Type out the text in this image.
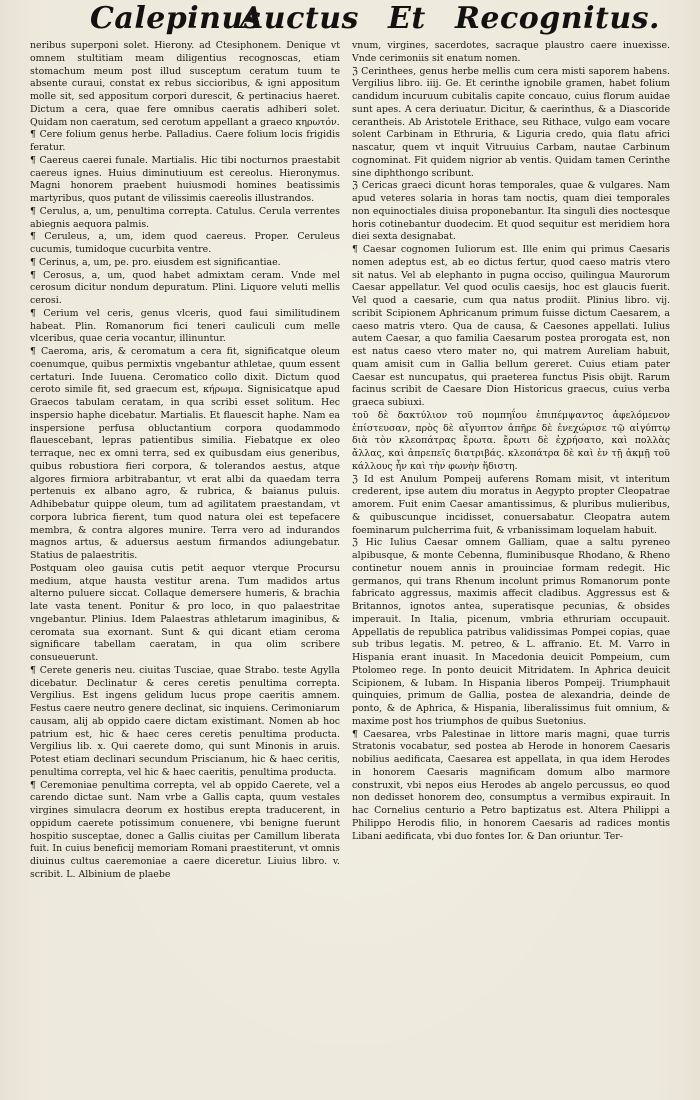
Calepinus
Auctus Et Recognitus.

neribus superponi solet. Hierony. ad Ctesiphonem. Denique vt omnem stultitiam meam diligentius recognoscas, etiam stomachum meum post illud susceptum ceratum tuum te absente curaui, constat ex rebus siccioribus, & igni appositum molle sit, sed appositum corpori durescit, & pertinacius haeret. Dictum a cera, quae fere omnibus caeratis adhiberi solet. Quidam non caeratum, sed cerotum appellant a graeco κηρωτόν.

¶ Cere folium genus herbe. Palladius. Caere folium locis frigidis feratur.

¶ Caereus caerei funale. Martialis. Hic tibi nocturnos praestabit caereus ignes. Huius diminutiuum est cereolus. Hieronymus. Magni honorem praebent huiusmodi homines beatissimis martyribus, quos putant de vilissimis caereolis illustrandos.

¶ Cerulus, a, um, penultima correpta. Catulus. Cerula verrentes abiegnis aequora palmis.

¶ Ceruleus, a, um, idem quod caereus. Proper. Ceruleus cucumis, tumidoque cucurbita ventre.

¶ Cerinus, a, um, pe. pro. eiusdem est significantiae.

¶ Cerosus, a, um, quod habet admixtam ceram. Vnde mel cerosum dicitur nondum depuratum. Plini. Liquore veluti mellis cerosi.

¶ Cerium vel ceris, genus vlceris, quod faui similitudinem habeat. Plin. Romanorum fici teneri cauliculi cum melle vlceribus, quae ceria vocantur, illinuntur.

¶ Caeroma, aris, & ceromatum a cera fit, significatque oleum coenumque, quibus permixtis vngebantur athletae, quum essent certaturi. Inde Iuuena. Ceromatico collo dixit. Dictum quod ceroto simile fit, sed graecum est, κήρωμα. Signisicatque apud Graecos tabulam ceratam, in qua scribi esset solitum. Hec inspersio haphe dicebatur. Martialis. Et flauescit haphe. Nam ea inspersione perfusa obluctantium corpora quodammodo flauescebant, lepras patientibus similia. Fiebatque ex oleo terraque, nec ex omni terra, sed ex quibusdam eius generibus, quibus robustiora fieri corpora, & tolerandos aestus, atque algores firmiora arbitrabantur, vt erat albi da quaedam terra pertenuis ex albano agro, & rubrica, & baianus puluis. Adhibebatur quippe oleum, tum ad agilitatem praestandam, vt corpora lubrica fierent, tum quod natura olei est tepefacere membra, & contra algores munire. Terra vero ad indurandos magnos artus, & aduersus aestum firmandos adiungebatur. Statius de palaestritis.

Postquam oleo gauisa cutis petit aequor vterque Procursu medium, atque hausta vestitur arena. Tum madidos artus alterno puluere siccat. Collaque demersere humeris, & brachia late vasta tenent. Ponitur & pro loco, in quo palaestritae vngebantur. Plinius. Idem Palaestras athletarum imaginibus, & ceromata sua exornant. Sunt & qui dicant etiam ceroma significare tabellam caeratam, in qua olim scribere consueuerunt.

¶ Cerete generis neu. ciuitas Tusciae, quae Strabo. teste Agylla dicebatur. Declinatur & ceres ceretis penultima correpta. Vergilius. Est ingens gelidum lucus prope caeritis amnem. Festus caere neutro genere declinat, sic inquiens. Cerimoniarum causam, alij ab oppido caere dictam existimant. Nomen ab hoc patrium est, hic & haec ceres ceretis penultima producta. Vergilius lib. x. Qui caerete domo, qui sunt Minonis in aruis. Potest etiam declinari secundum Priscianum, hic & haec ceritis, penultima correpta, vel hic & haec caeritis, penultima producta.

¶ Ceremoniae penultima correpta, vel ab oppido Caerete, vel a carendo dictae sunt. Nam vrbe a Gallis capta, quum vestales virgines simulacra deorum ex hostibus erepta traducerent, in oppidum caerete potissimum conuenere, vbi benigne fuerunt hospitio susceptae, donec a Gallis ciuitas per Camillum liberata fuit. In cuius beneficij memoriam Romani praestiterunt, vt omnis diuinus cultus caeremoniae a caere diceretur. Liuius libro. v. scribit. L. Albinium de plaebe

vnum, virgines, sacerdotes, sacraque plaustro caere inuexisse. Vnde cerimoniis sit enatum nomen.

ℨ Cerinthees, genus herbe mellis cum cera misti saporem habens. Vergilius libro. iiij. Ge. Et cerinthe ignobile gramen, habet folium candidum incuruum cubitalis capite concauo, cuius florum auidae sunt apes. A cera deriuatur. Dicitur, & caerinthus, & a Diascoride cerantheis. Ab Aristotele Erithace, seu Rithace, vulgo eam vocare solent Carbinam in Ethruria, & Liguria credo, quia flatu africi nascatur, quem vt inquit Vitruuius Carbam, nautae Carbinum cognominat. Fit quidem nigrior ab ventis. Quidam tamen Cerinthe sine diphthongo scribunt.

ℨ Cericas graeci dicunt horas temporales, quae & vulgares. Nam apud veteres solaria in horas tam noctis, quam diei temporales non equinoctiales diuisa proponebantur. Ita singuli dies noctesque horis cotinebantur duodecim. Et quod sequitur est meridiem hora diei sexta designabat.

¶ Caesar cognomen Iuliorum est. Ille enim qui primus Caesaris nomen adeptus est, ab eo dictus fertur, quod caeso matris vtero sit natus. Vel ab elephanto in pugna occiso, quilingua Maurorum Caesar appellatur. Vel quod oculis caesijs, hoc est glaucis fuerit. Vel quod a caesarie, cum qua natus prodiit. Plinius libro. vij. scribit Scipionem Aphricanum primum fuisse dictum Caesarem, a caeso matris vtero. Qua de causa, & Caesones appellati. Iulius autem Caesar, a quo familia Caesarum postea prorogata est, non est natus caeso vtero mater no, qui matrem Aureliam habuit, quam amisit cum in Gallia bellum gereret. Cuius etiam pater Caesar est nuncupatus, qui praeterea functus Pisis obijt. Rarum facinus scribit de Caesare Dion Historicus graecus, cuius verba graeca subiuxi.

τοῦ δὲ δακτύλιον τοῦ πομπηΐου ἐπιπέμψαντος ἀφελόμενον ἐπίστευσαν, πρὸς δὲ αἴγυπτον ἀπῆρε δὲ ἐνεχώρισε τῷ αἰγύπτῳ διὰ τὸν κλεοπάτρας ἔρωτα. ἔρωτι δὲ ἐχρήσατο, καὶ πολλὰς ἄλλας, καὶ ἀπρεπεῖς διατριβάς. κλεοπάτρα δὲ καὶ ἐν τῇ ἀκμῇ τοῦ κάλλους ἦν καὶ τὴν φωνὴν ἥδιστη.

ℨ Id est Anulum Pompeij auferens Romam misit, vt interitum crederent, ipse autem diu moratus in Aegypto propter Cleopatrae amorem. Fuit enim Caesar amantissimus, & pluribus mulieribus, & quibuscunque incidisset, conuersabatur. Cleopatra autem foeminarum pulcherrima fuit, & vrbanissimam loquelam habuit.

ℨ Hic Iulius Caesar omnem Galliam, quae a saltu pyreneo alpibusque, & monte Cebenna, fluminibusque Rhodano, & Rheno continetur nouem annis in prouinciae formam redegit. Hic germanos, qui trans Rhenum incolunt primus Romanorum ponte fabricato aggressus, maximis affecit cladibus. Aggressus est & Britannos, ignotos antea, superatisque pecunias, & obsides imperauit. In Italia, picenum, vmbria ethruriam occupauit. Appellatis de republica patribus validissimas Pompei copias, quae sub tribus legatis. M. petreo, & L. affranio. Et. M. Varro in Hispania erant inuasit. In Macedonia deuicit Pompeium, cum Ptolomeo rege. In ponto deuicit Mitridatem. In Aphrica deuicit Scipionem, & Iubam. In Hispania liberos Pompeij. Triumphauit quinquies, primum de Gallia, postea de alexandria, deinde de ponto, & de Aphrica, & Hispania, liberalissimus fuit omnium, & maxime post hos triumphos de quibus Suetonius.

¶ Caesarea, vrbs Palestinae in littore maris magni, quae turris Stratonis vocabatur, sed postea ab Herode in honorem Caesaris nobilius aedificata, Caesarea est appellata, in qua idem Herodes in honorem Caesaris magnificam domum albo marmore construxit, vbi nepos eius Herodes ab angelo percussus, eo quod non dedisset honorem deo, consumptus a vermibus expirauit. In hac Cornelius centurio a Petro baptizatus est. Altera Philippi a Philippo Herodis filio, in honorem Caesaris ad radices montis Libani aedificata, vbi duo fontes Ior. & Dan oriuntur. Ter-
